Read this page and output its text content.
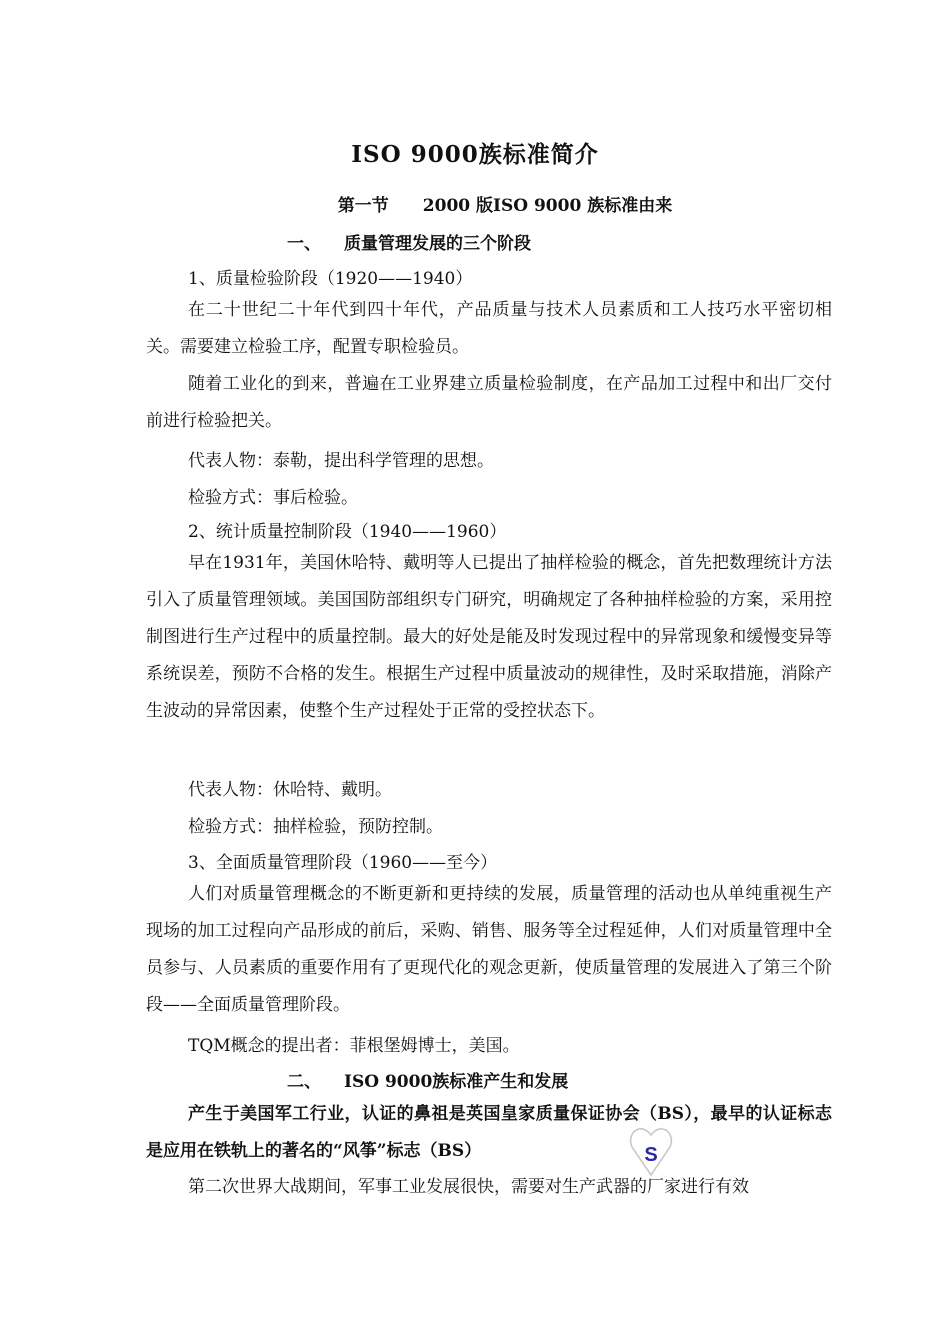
ISO 9000族标准简介
第一节　　2000 版ISO 9000 族标准由来
一、 质量管理发展的三个阶段
1、质量检验阶段（1920——1940）
在二十世纪二十年代到四十年代，产品质量与技术人员素质和工人技巧水平密切相关。需要建立检验工序，配置专职检验员。
随着工业化的到来，普遍在工业界建立质量检验制度，在产品加工过程中和出厂交付前进行检验把关。
代表人物：泰勒，提出科学管理的思想。
检验方式：事后检验。
2、统计质量控制阶段（1940——1960）
早在1931年，美国休哈特、戴明等人已提出了抽样检验的概念，首先把数理统计方法引入了质量管理领域。美国国防部组织专门研究，明确规定了各种抽样检验的方案，采用控制图进行生产过程中的质量控制。最大的好处是能及时发现过程中的异常现象和缓慢变异等系统误差，预防不合格的发生。根据生产过程中质量波动的规律性，及时采取措施，消除产生波动的异常因素，使整个生产过程处于正常的受控状态下。
代表人物：休哈特、戴明。
检验方式：抽样检验，预防控制。
3、全面质量管理阶段（1960——至今）
人们对质量管理概念的不断更新和更持续的发展，质量管理的活动也从单纯重视生产现场的加工过程向产品形成的前后，采购、销售、服务等全过程延伸，人们对质量管理中全员参与、人员素质的重要作用有了更现代化的观念更新，使质量管理的发展进入了第三个阶段——全面质量管理阶段。
TQM概念的提出者：菲根堡姆博士，美国。
二、 ISO 9000族标准产生和发展
产生于美国军工行业，认证的鼻祖是英国皇家质量保证协会（BS），最早的认证标志是应用在铁轨上的著名的“风筝”标志（BS）
第二次世界大战期间，军事工业发展很快，需要对生产武器的厂家进行有效
S
